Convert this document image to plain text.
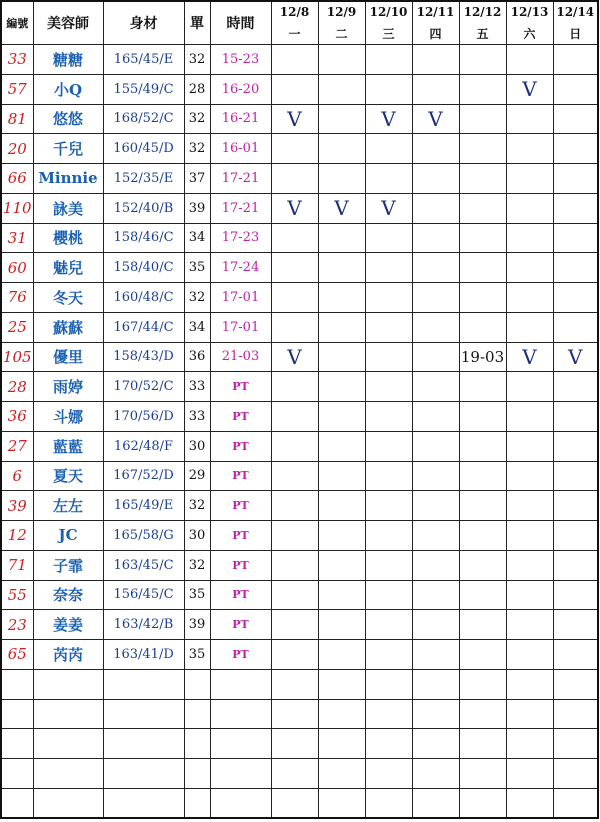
編號	美容師	身材	單	時間	12/8	12/9	12/10	12/11	12/12	12/13	12/14
					一	二	三	四	五	六	日
33	糖糖	165/45/E	32	15-23							
57	小Q	155/49/C	28	16-20						V	
81	悠悠	168/52/C	32	16-21	V		V	V			
20	千兒	160/45/D	32	16-01							
66	Minnie	152/35/E	37	17-21							
110	詠美	152/40/B	39	17-21	V	V	V				
31	櫻桃	158/46/C	34	17-23							
60	魅兒	158/40/C	35	17-24							
76	冬天	160/48/C	32	17-01							
25	蘇蘇	167/44/C	34	17-01							
105	優里	158/43/D	36	21-03	V				19-03	V	V
28	雨婷	170/52/C	33	PT							
36	斗娜	170/56/D	33	PT							
27	藍藍	162/48/F	30	PT							
6	夏天	167/52/D	29	PT							
39	左左	165/49/E	32	PT							
12	JC	165/58/G	30	PT							
71	子霏	163/45/C	32	PT							
55	奈奈	156/45/C	35	PT							
23	姜姜	163/42/B	39	PT							
65	芮芮	163/41/D	35	PT							
